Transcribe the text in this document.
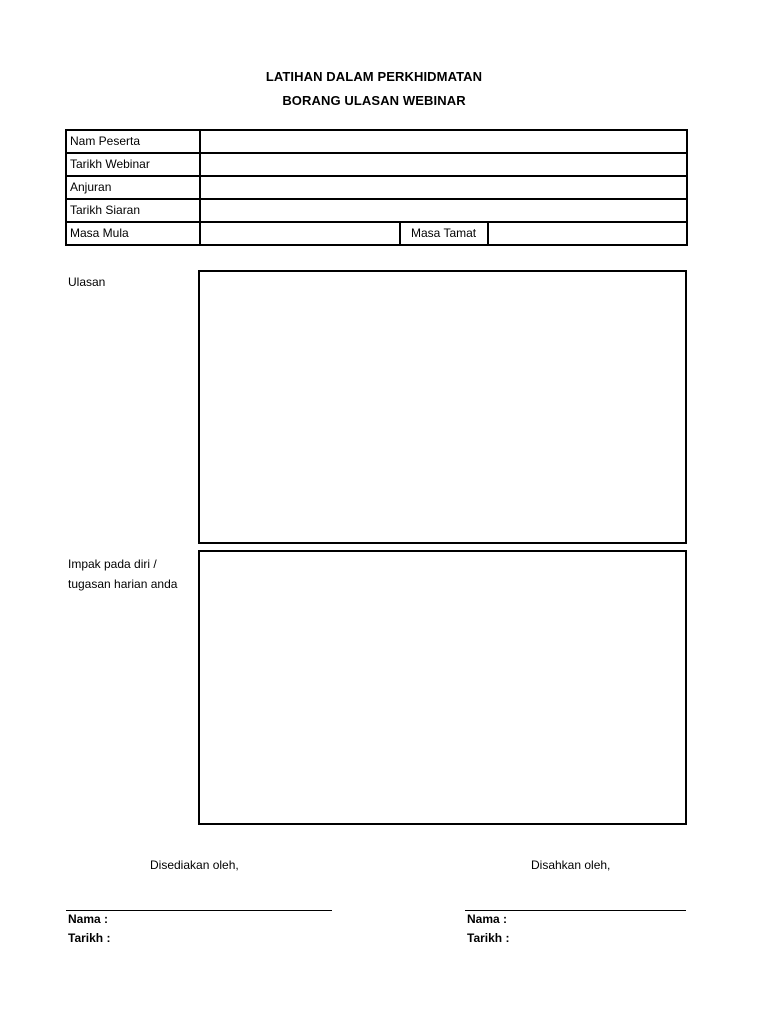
LATIHAN DALAM PERKHIDMATAN
BORANG ULASAN WEBINAR
Nam Peserta			
Tarikh Webinar			
Anjuran			
Tarikh Siaran			
Masa Mula		Masa Tamat	
Ulasan
Impak pada diri /
tugasan harian anda
Disediakan oleh,	Disahkan oleh,
Nama :
Tarikh :
Nama :
Tarikh :
